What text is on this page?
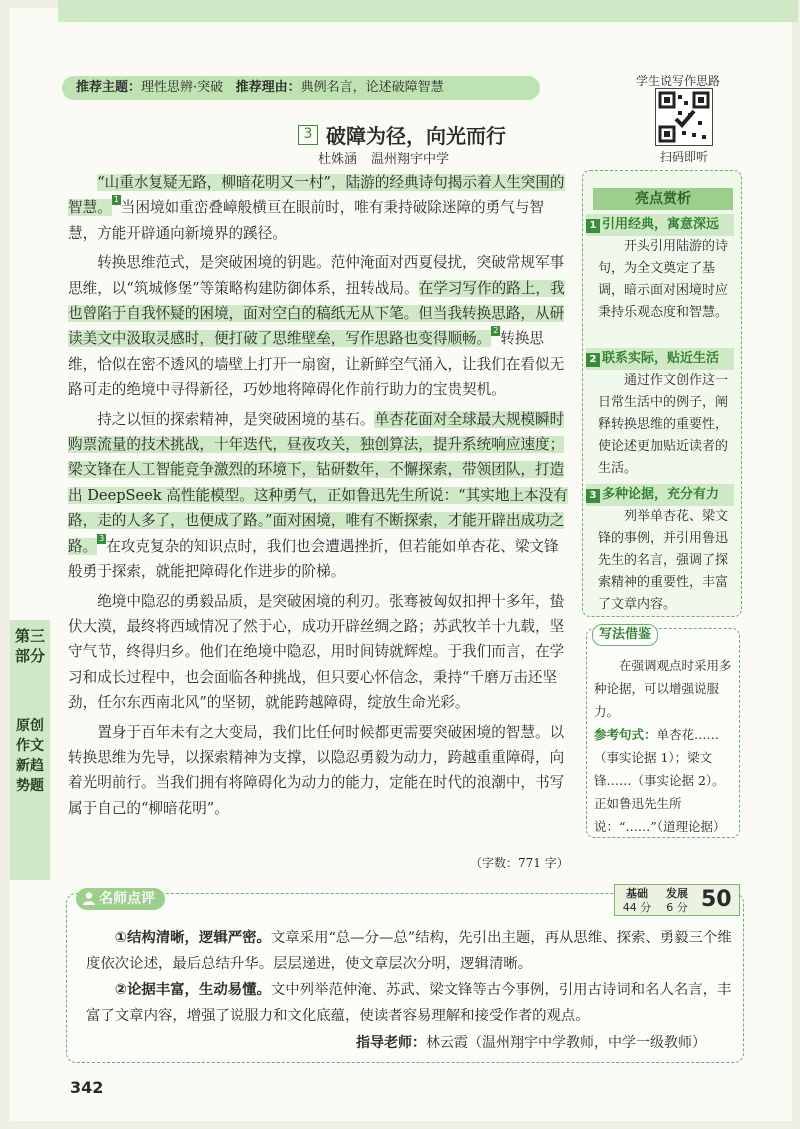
推荐主题：理性思辨·突破 推荐理由：典例名言，论述破障智慧	学生说写作思路
扫码即听
3 破障为径，向光而行
杜姝涵 温州翔宇中学

“山重水复疑无路，柳暗花明又一村”，陆游的经典诗句揭示着人生突围的智慧。 1 当困境如重峦叠嶂般横亘在眼前时，唯有秉持破除迷障的勇气与智慧，方能开辟通向新境界的蹊径。

转换思维范式，是突破困境的钥匙。范仲淹面对西夏侵扰，突破常规军事思维，以“筑城修堡”等策略构建防御体系，扭转战局。在学习写作的路上，我也曾陷于自我怀疑的困境，面对空白的稿纸无从下笔。但当我转换思路，从研读美文中汲取灵感时，便打破了思维壁垒，写作思路也变得顺畅。 2 转换思维，恰似在密不透风的墙壁上打开一扇窗，让新鲜空气涌入，让我们在看似无路可走的绝境中寻得新径，巧妙地将障碍化作前行助力的宝贵契机。

持之以恒的探索精神，是突破困境的基石。单杏花面对全球最大规模瞬时购票流量的技术挑战，十年迭代，昼夜攻关，独创算法，提升系统响应速度；梁文锋在人工智能竞争激烈的环境下，钻研数年，不懈探索，带领团队，打造出 DeepSeek 高性能模型。这种勇气，正如鲁迅先生所说：“其实地上本没有路，走的人多了，也便成了路。”面对困境，唯有不断探索，才能开辟出成功之路。 3 在攻克复杂的知识点时，我们也会遭遇挫折，但若能如单杏花、梁文锋般勇于探索，就能把障碍化作进步的阶梯。

绝境中隐忍的勇毅品质，是突破困境的利刃。张骞被匈奴扣押十多年，蛰伏大漠，最终将西域情况了然于心，成功开辟丝绸之路；苏武牧羊十九载，坚守气节，终得归乡。他们在绝境中隐忍，用时间铸就辉煌。于我们而言，在学习和成长过程中，也会面临各种挑战，但只要心怀信念，秉持“千磨万击还坚劲，任尔东西南北风”的坚韧，就能跨越障碍，绽放生命光彩。

置身于百年未有之大变局，我们比任何时候都更需要突破困境的智慧。以转换思维为先导，以探索精神为支撑，以隐忍勇毅为动力，跨越重重障碍，向着光明前行。当我们拥有将障碍化为动力的能力，定能在时代的浪潮中，书写属于自己的“柳暗花明”。

（字数：771 字）
亮点赏析
1 引用经典，寓意深远
开头引用陆游的诗句，为全文奠定了基调，暗示面对困境时应秉持乐观态度和智慧。
2 联系实际，贴近生活
通过作文创作这一日常生活中的例子，阐释转换思维的重要性，使论述更加贴近读者的生活。
3 多种论据，充分有力
列举单杏花、梁文锋的事例，并引用鲁迅先生的名言，强调了探索精神的重要性，丰富了文章内容。
写法借鉴

在强调观点时采用多种论据，可以增强说服力。

参考句式：单杏花……（事实论据 1）；梁文锋……（事实论据 2）。正如鲁迅先生所说：“……”（道理论据）

第三部分
原创作文新趋势题
名师点评	基础
44 分
发展
6 分 50

①结构清晰，逻辑严密。文章采用“总—分—总”结构，先引出主题，再从思维、探索、勇毅三个维度依次论述，最后总结升华。层层递进，使文章层次分明，逻辑清晰。

②论据丰富，生动易懂。文中列举范仲淹、苏武、梁文锋等古今事例，引用古诗词和名人名言，丰富了文章内容，增强了说服力和文化底蕴，使读者容易理解和接受作者的观点。

指导老师：林云霞（温州翔宇中学教师，中学一级教师）
342
